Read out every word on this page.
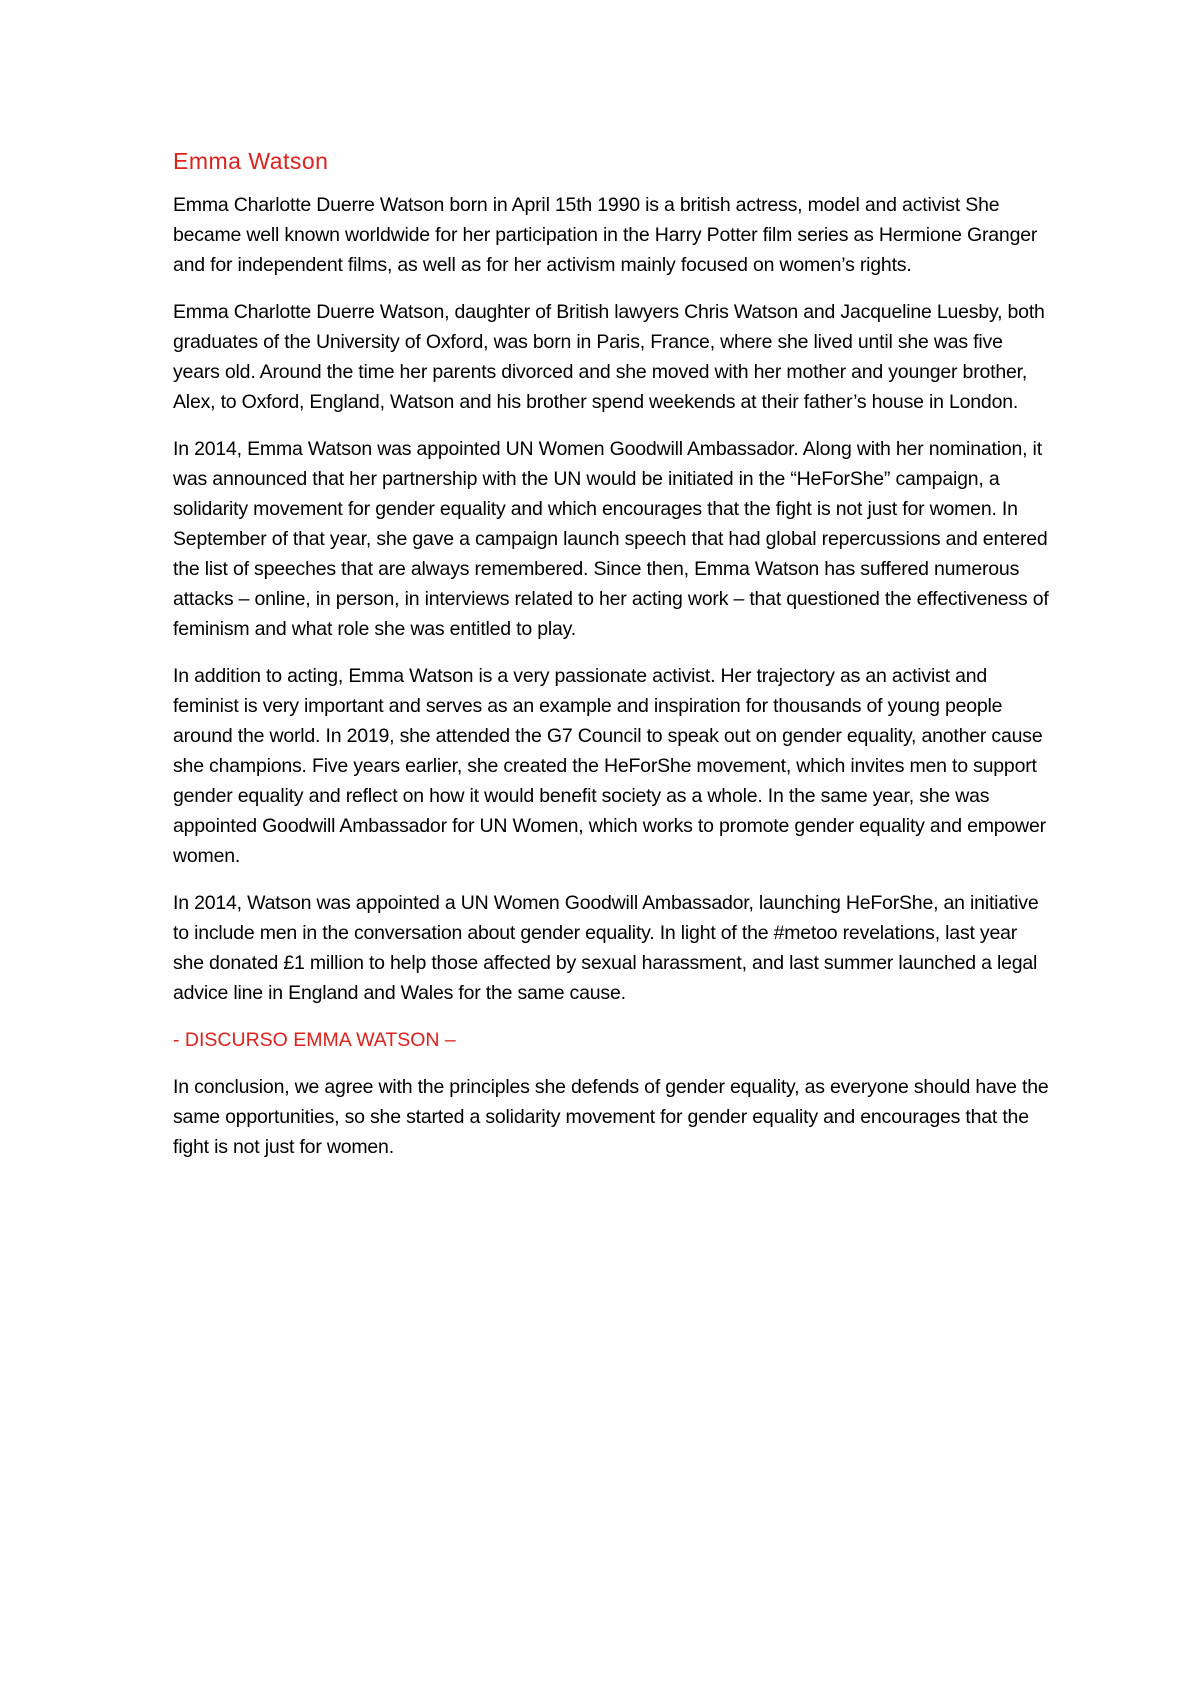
Emma Watson

Emma Charlotte Duerre Watson born in April 15th 1990 is a british actress, model and activist She became well known worldwide for her participation in the Harry Potter film series as Hermione Granger and for independent films, as well as for her activism mainly focused on women’s rights.

Emma Charlotte Duerre Watson, daughter of British lawyers Chris Watson and Jacqueline Luesby, both graduates of the University of Oxford, was born in Paris, France, where she lived until she was five years old. Around the time her parents divorced and she moved with her mother and younger brother, Alex, to Oxford, England, Watson and his brother spend weekends at their father’s house in London.

In 2014, Emma Watson was appointed UN Women Goodwill Ambassador. Along with her nomination, it was announced that her partnership with the UN would be initiated in the “HeForShe” campaign, a solidarity movement for gender equality and which encourages that the fight is not just for women. In September of that year, she gave a campaign launch speech that had global repercussions and entered the list of speeches that are always remembered. Since then, Emma Watson has suffered numerous attacks – online, in person, in interviews related to her acting work – that questioned the effectiveness of feminism and what role she was entitled to play.

In addition to acting, Emma Watson is a very passionate activist. Her trajectory as an activist and feminist is very important and serves as an example and inspiration for thousands of young people around the world. In 2019, she attended the G7 Council to speak out on gender equality, another cause she champions. Five years earlier, she created the HeForShe movement, which invites men to support gender equality and reflect on how it would benefit society as a whole. In the same year, she was appointed Goodwill Ambassador for UN Women, which works to promote gender equality and empower women.

In 2014, Watson was appointed a UN Women Goodwill Ambassador, launching HeForShe, an initiative to include men in the conversation about gender equality. In light of the #metoo revelations, last year she donated £1 million to help those affected by sexual harassment, and last summer launched a legal advice line in England and Wales for the same cause.

- DISCURSO EMMA WATSON –

In conclusion, we agree with the principles she defends of gender equality, as everyone should have the same opportunities, so she started a solidarity movement for gender equality and encourages that the fight is not just for women.
